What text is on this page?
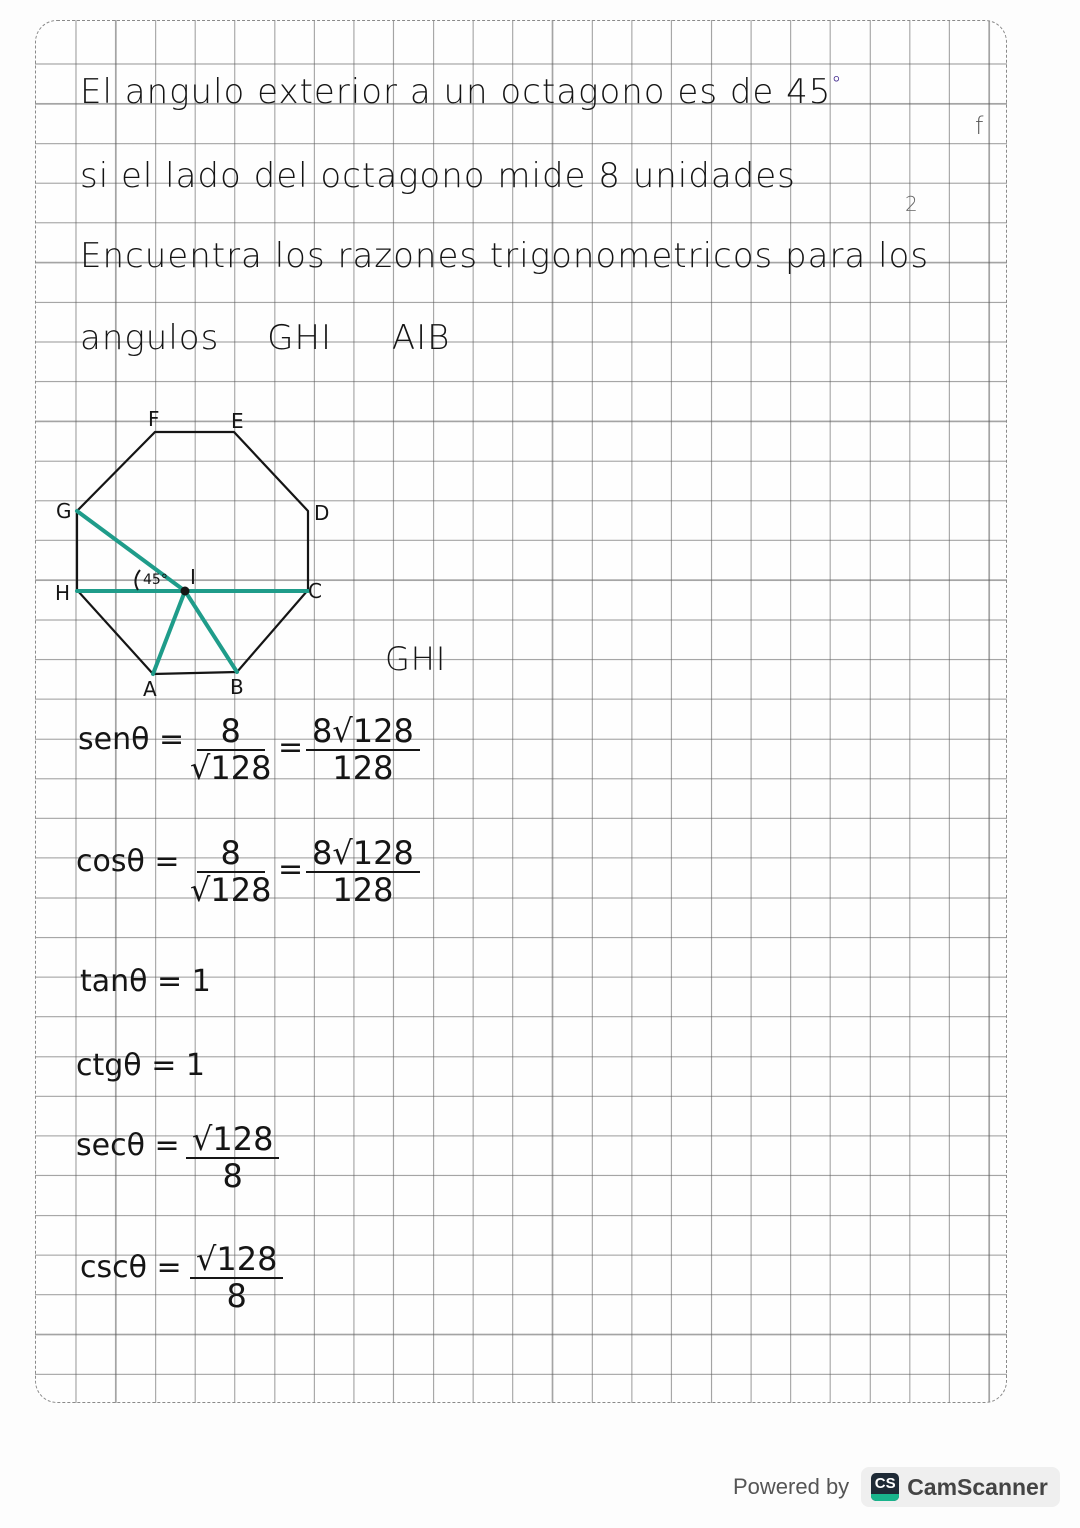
El angulo exterior a un octagono es de 45°
si el lado del octagono mide 8 unidades
Encuentra los razones trigonometricos para los
angulos GHI AIB
f
2
F	E
G	D
H	C
A	B
I
45°
GHI
$sen\theta = \frac{8}{√128} = \frac{8√128}{128}$
$\cos\theta = \frac{8}{√128} = \frac{8√128}{128}$
tanθ = 1
ctgθ = 1
$\sec\theta = \frac{√128}{8}$
$\csc\theta = \frac{√128}{8}$
Powered by CS CamScanner
